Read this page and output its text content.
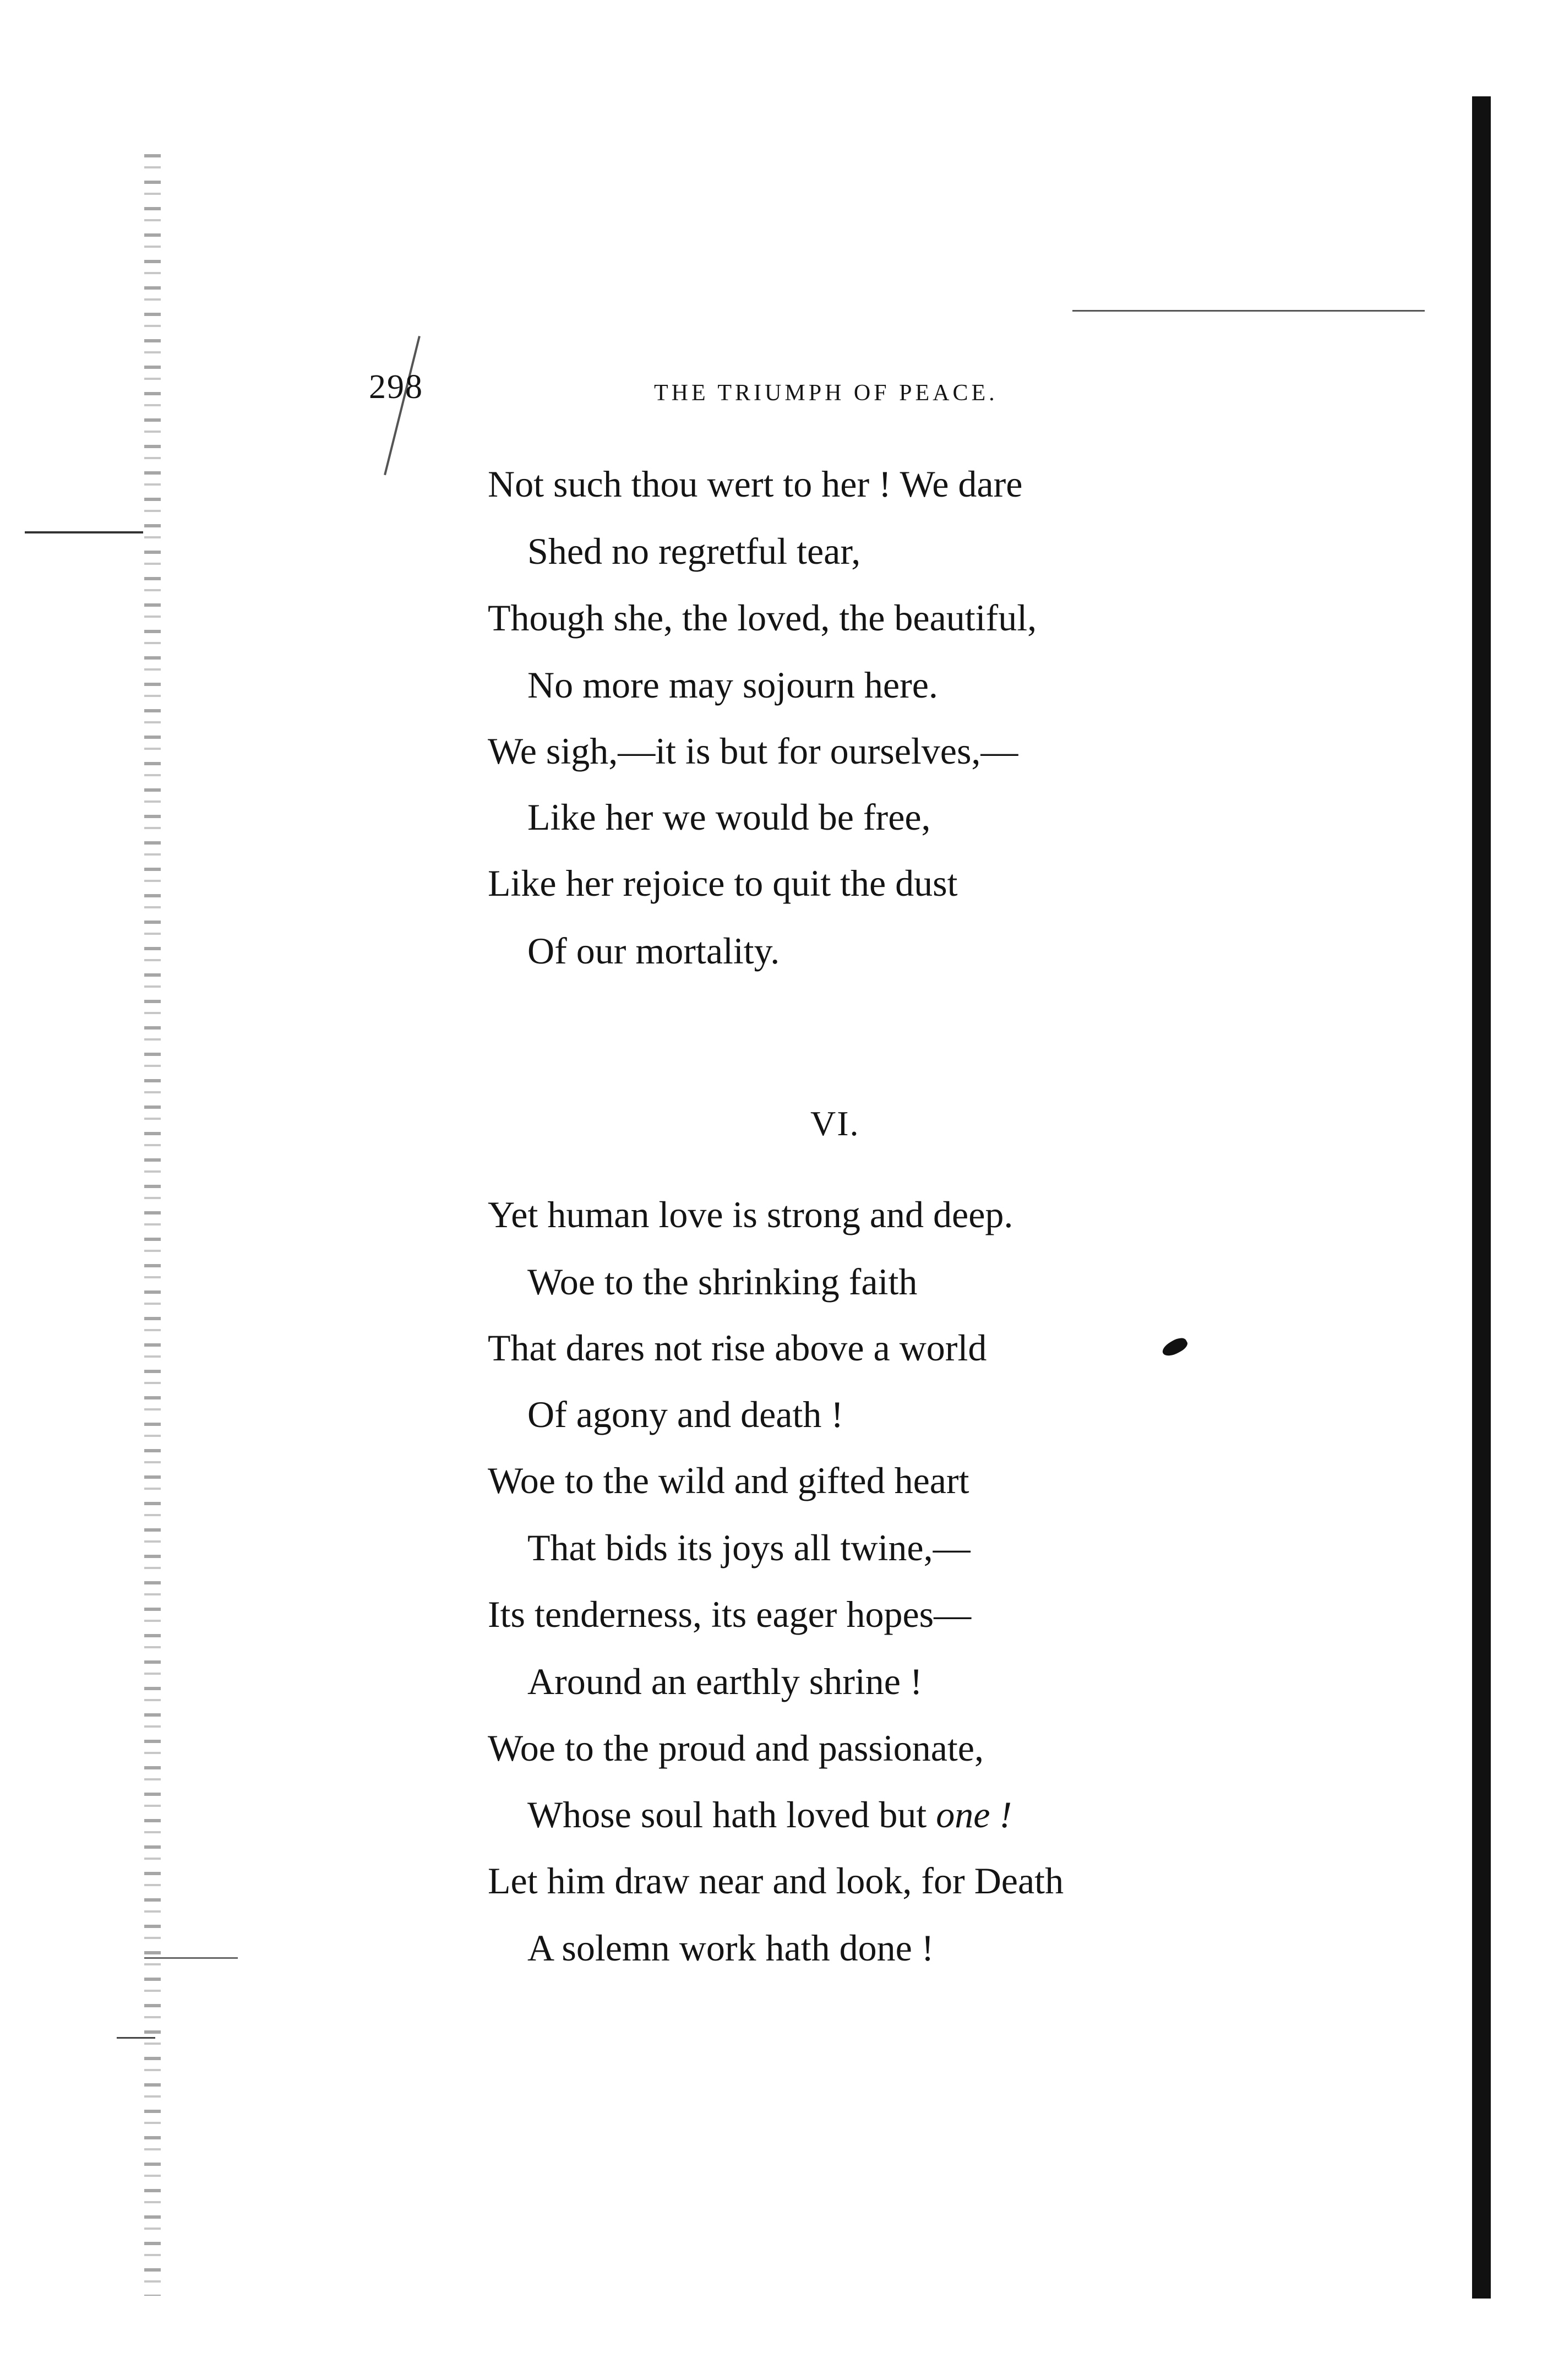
298	THE TRIUMPH OF PEACE.
Not such thou wert to her ! We dare
Shed no regretful tear,
Though she, the loved, the beautiful,
No more may sojourn here.
We sigh,—it is but for ourselves,—
Like her we would be free,
Like her rejoice to quit the dust
Of our mortality.
VI.
Yet human love is strong and deep.
Woe to the shrinking faith
That dares not rise above a world
Of agony and death !
Woe to the wild and gifted heart
That bids its joys all twine,—
Its tenderness, its eager hopes—
Around an earthly shrine !
Woe to the proud and passionate,
Whose soul hath loved but one !
Let him draw near and look, for Death
A solemn work hath done !
